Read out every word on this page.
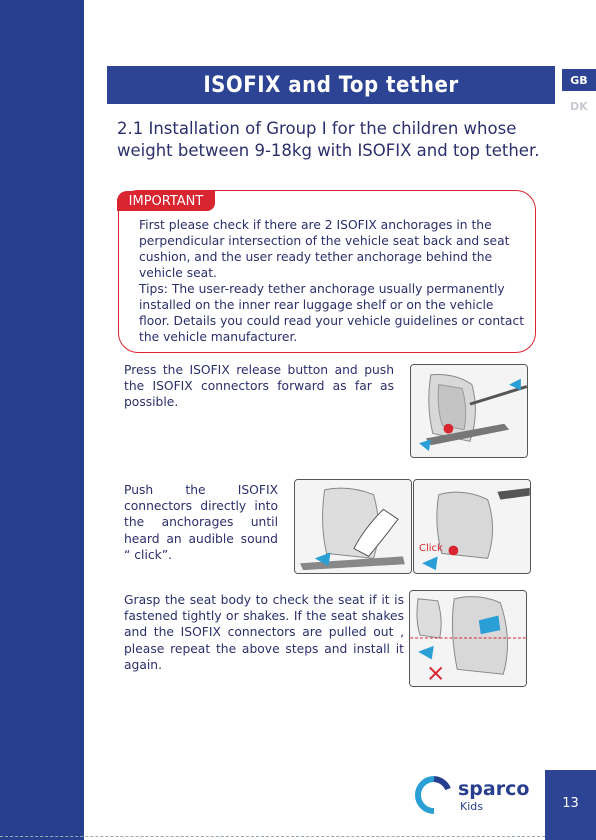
ISOFIX and Top tether	GB
DK
2.1 Installation of Group I for the children whose weight between 9-18kg with ISOFIX and top tether.
IMPORTANT
First please check if there are 2 ISOFIX anchorages in the perpendicular intersection of the vehicle seat back and seat cushion, and the user ready tether anchorage behind the vehicle seat.
Tips: The user-ready tether anchorage usually permanently installed on the inner rear luggage shelf or on the vehicle floor. Details you could read your vehicle guidelines or contact the vehicle manufacturer.
Press the ISOFIX release button and push the ISOFIX connectors forward as far as possible.
Push the ISOFIX connectors directly into the anchorages until heard an audible sound “ click”.	Click
Grasp the seat body to check the seat if it is fastened tightly or shakes. If the seat shakes and the ISOFIX connectors are pulled out , please repeat the above steps and install it again.
sparco
Kids	13
